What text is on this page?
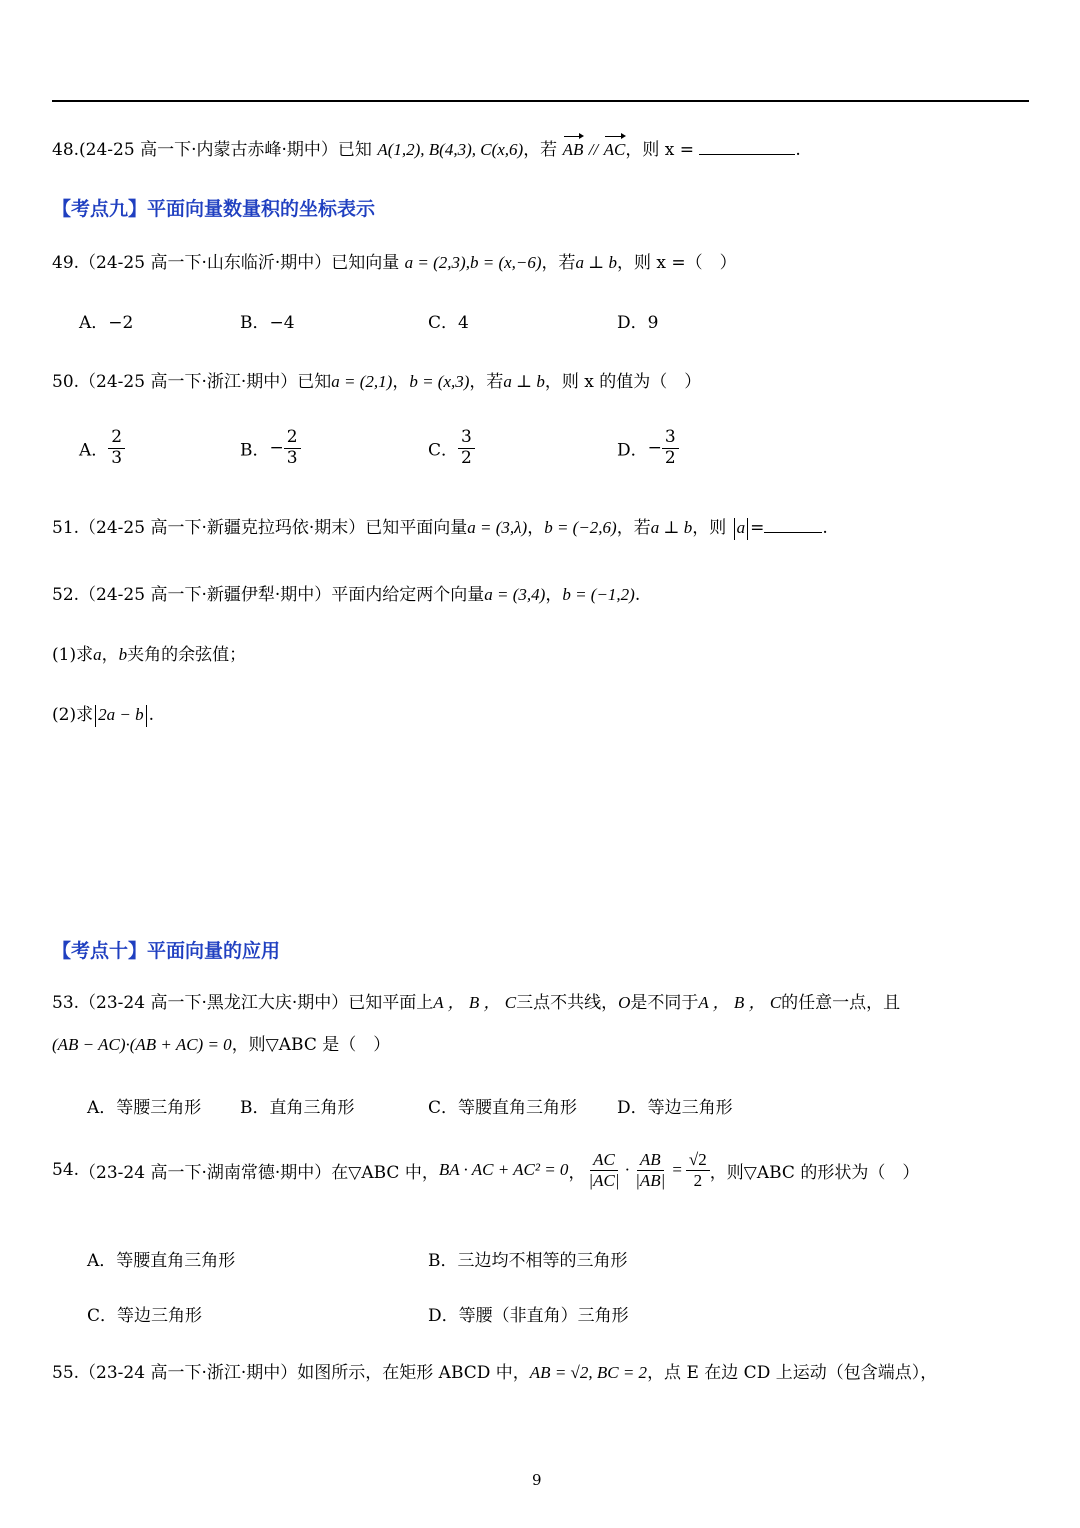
48.(24-25 高一下·内蒙古赤峰·期中）已知 A(1,2), B(4,3), C(x,6)，若 AB // AC，则 x =	.
【考点九】平面向量数量积的坐标表示
49.（24-25 高一下·山东临沂·期中）已知向量 a = (2,3),b = (x,−6)，若a ⊥ b，则 x =（　）
A．−2	B．−4	C．4	D．9
50.（24-25 高一下·浙江·期中）已知a = (2,1)，b = (x,3)，若a ⊥ b，则 x 的值为（　）
A． $\frac{2}{3}$	B．− $\frac{2}{3}$	C． $\frac{3}{2}$	D．− $\frac{3}{2}$
51.（24-25 高一下·新疆克拉玛依·期末）已知平面向量a = (3,λ)，b = (−2,6)，若a ⊥ b，则 a =	.
52.（24-25 高一下·新疆伊犁·期中）平面内给定两个向量a = (3,4)，b = (−1,2).
(1)求a，b夹角的余弦值；
(2)求 2a − b .
【考点十】平面向量的应用
53.（23-24 高一下·黑龙江大庆·期中）已知平面上A ， B ， C三点不共线，O是不同于A ， B ， C的任意一点，且
(AB − AC)·(AB + AC) = 0，则▽ABC 是（　）
A．等腰三角形 B．直角三角形	C．等腰直角三角形 D．等边三角形
54. （23-24 高一下·湖南常德·期中）在▽ABC 中， BA · AC + AC² = 0 ， $\frac{AC}{|AC|} \cdot \frac{AB}{|AB|} = \frac{√2}{2}$ ，则▽ABC 的形状为（　）
A．等腰直角三角形	B．三边均不相等的三角形
C．等边三角形	D．等腰（非直角）三角形
55.（23-24 高一下·浙江·期中）如图所示，在矩形 ABCD 中，AB = √2, BC = 2，点 E 在边 CD 上运动（包含端点），
9
